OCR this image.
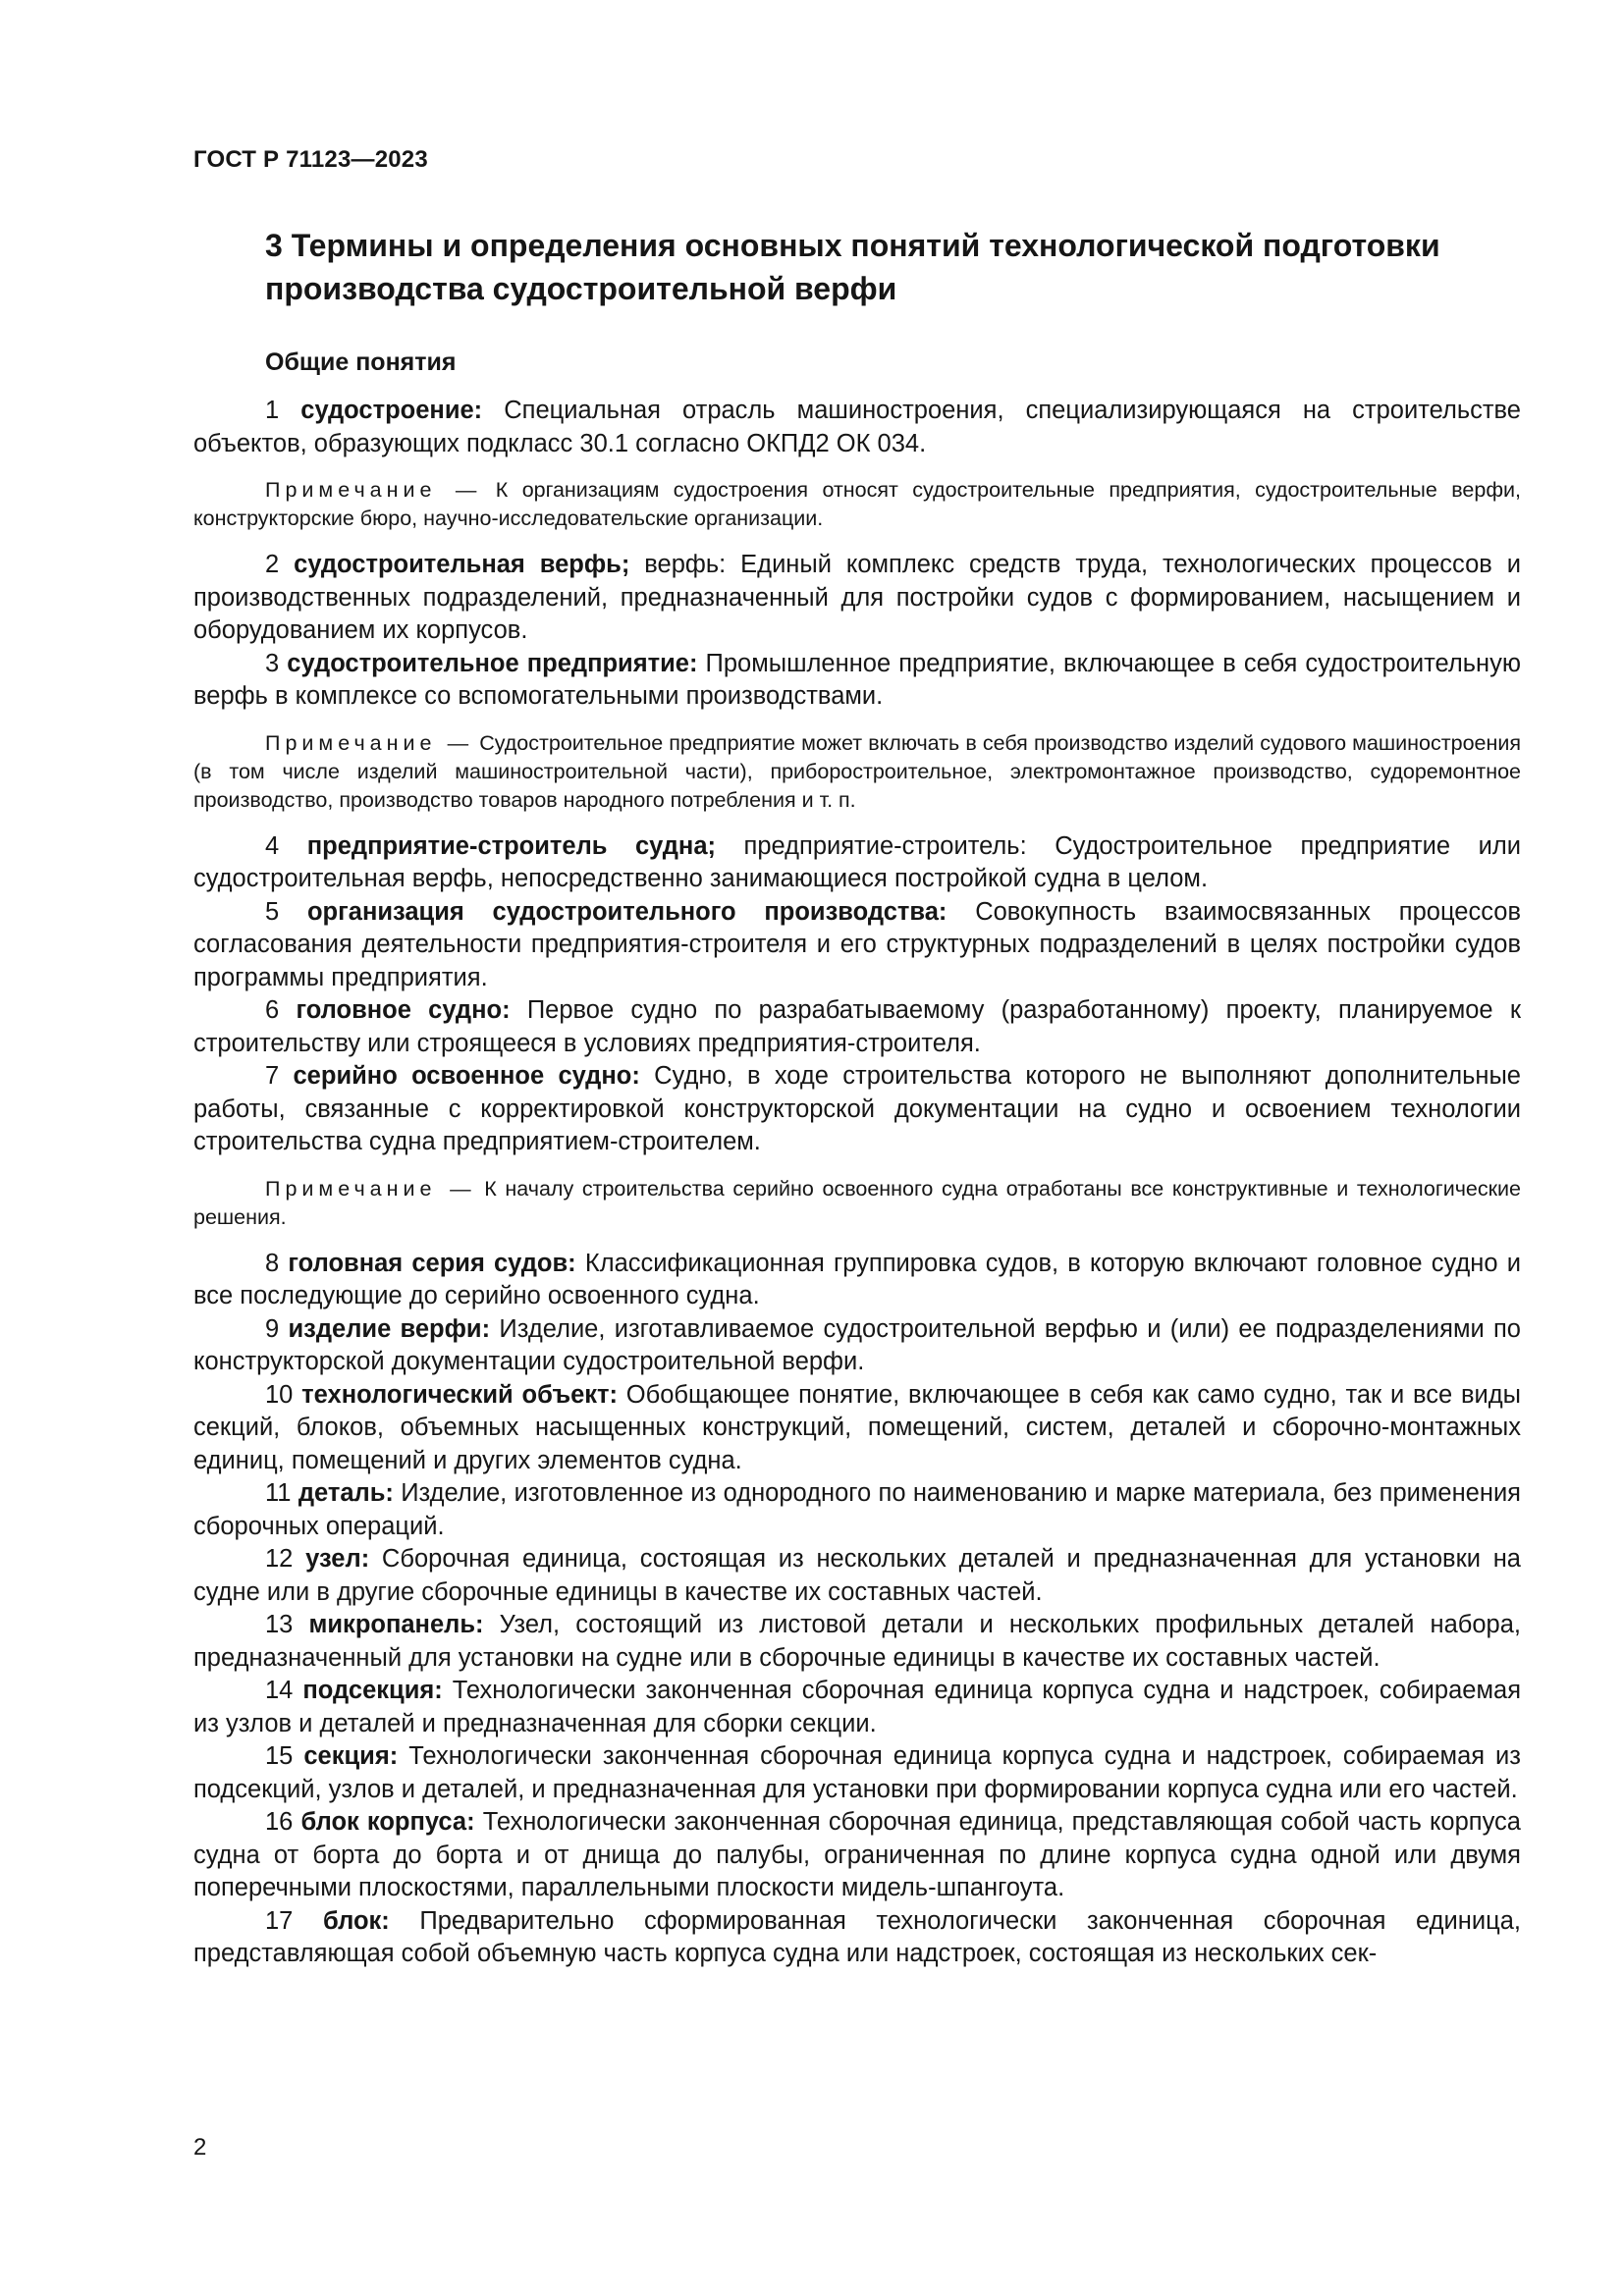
ГОСТ Р 71123—2023
3 Термины и определения основных понятий технологической подготовки производства судостроительной верфи
Общие понятия

1 судостроение: Специальная отрасль машиностроения, специализирующаяся на строительстве объектов, образующих подкласс 30.1 согласно ОКПД2 ОК 034.

Примечание — К организациям судостроения относят судостроительные предприятия, судостроительные верфи, конструкторские бюро, научно-исследовательские организации.

2 судостроительная верфь; верфь: Единый комплекс средств труда, технологических процессов и производственных подразделений, предназначенный для постройки судов с формированием, насыщением и оборудованием их корпусов.

3 судостроительное предприятие: Промышленное предприятие, включающее в себя судостроительную верфь в комплексе со вспомогательными производствами.

Примечание — Судостроительное предприятие может включать в себя производство изделий судового машиностроения (в том числе изделий машиностроительной части), приборостроительное, электромонтажное производство, судоремонтное производство, производство товаров народного потребления и т. п.

4 предприятие-строитель судна; предприятие-строитель: Судостроительное предприятие или судостроительная верфь, непосредственно занимающиеся постройкой судна в целом.

5 организация судостроительного производства: Совокупность взаимосвязанных процессов согласования деятельности предприятия-строителя и его структурных подразделений в целях постройки судов программы предприятия.

6 головное судно: Первое судно по разрабатываемому (разработанному) проекту, планируемое к строительству или строящееся в условиях предприятия-строителя.

7 серийно освоенное судно: Судно, в ходе строительства которого не выполняют дополнительные работы, связанные с корректировкой конструкторской документации на судно и освоением технологии строительства судна предприятием-строителем.

Примечание — К началу строительства серийно освоенного судна отработаны все конструктивные и технологические решения.

8 головная серия судов: Классификационная группировка судов, в которую включают головное судно и все последующие до серийно освоенного судна.

9 изделие верфи: Изделие, изготавливаемое судостроительной верфью и (или) ее подразделениями по конструкторской документации судостроительной верфи.

10 технологический объект: Обобщающее понятие, включающее в себя как само судно, так и все виды секций, блоков, объемных насыщенных конструкций, помещений, систем, деталей и сборочно-монтажных единиц, помещений и других элементов судна.

11 деталь: Изделие, изготовленное из однородного по наименованию и марке материала, без применения сборочных операций.

12 узел: Сборочная единица, состоящая из нескольких деталей и предназначенная для установки на судне или в другие сборочные единицы в качестве их составных частей.

13 микропанель: Узел, состоящий из листовой детали и нескольких профильных деталей набора, предназначенный для установки на судне или в сборочные единицы в качестве их составных частей.

14 подсекция: Технологически законченная сборочная единица корпуса судна и надстроек, собираемая из узлов и деталей и предназначенная для сборки секции.

15 секция: Технологически законченная сборочная единица корпуса судна и надстроек, собираемая из подсекций, узлов и деталей, и предназначенная для установки при формировании корпуса судна или его частей.

16 блок корпуса: Технологически законченная сборочная единица, представляющая собой часть корпуса судна от борта до борта и от днища до палубы, ограниченная по длине корпуса судна одной или двумя поперечными плоскостями, параллельными плоскости мидель-шпангоута.

17 блок: Предварительно сформированная технологически законченная сборочная единица, представляющая собой объемную часть корпуса судна или надстроек, состоящая из нескольких сек-

2
